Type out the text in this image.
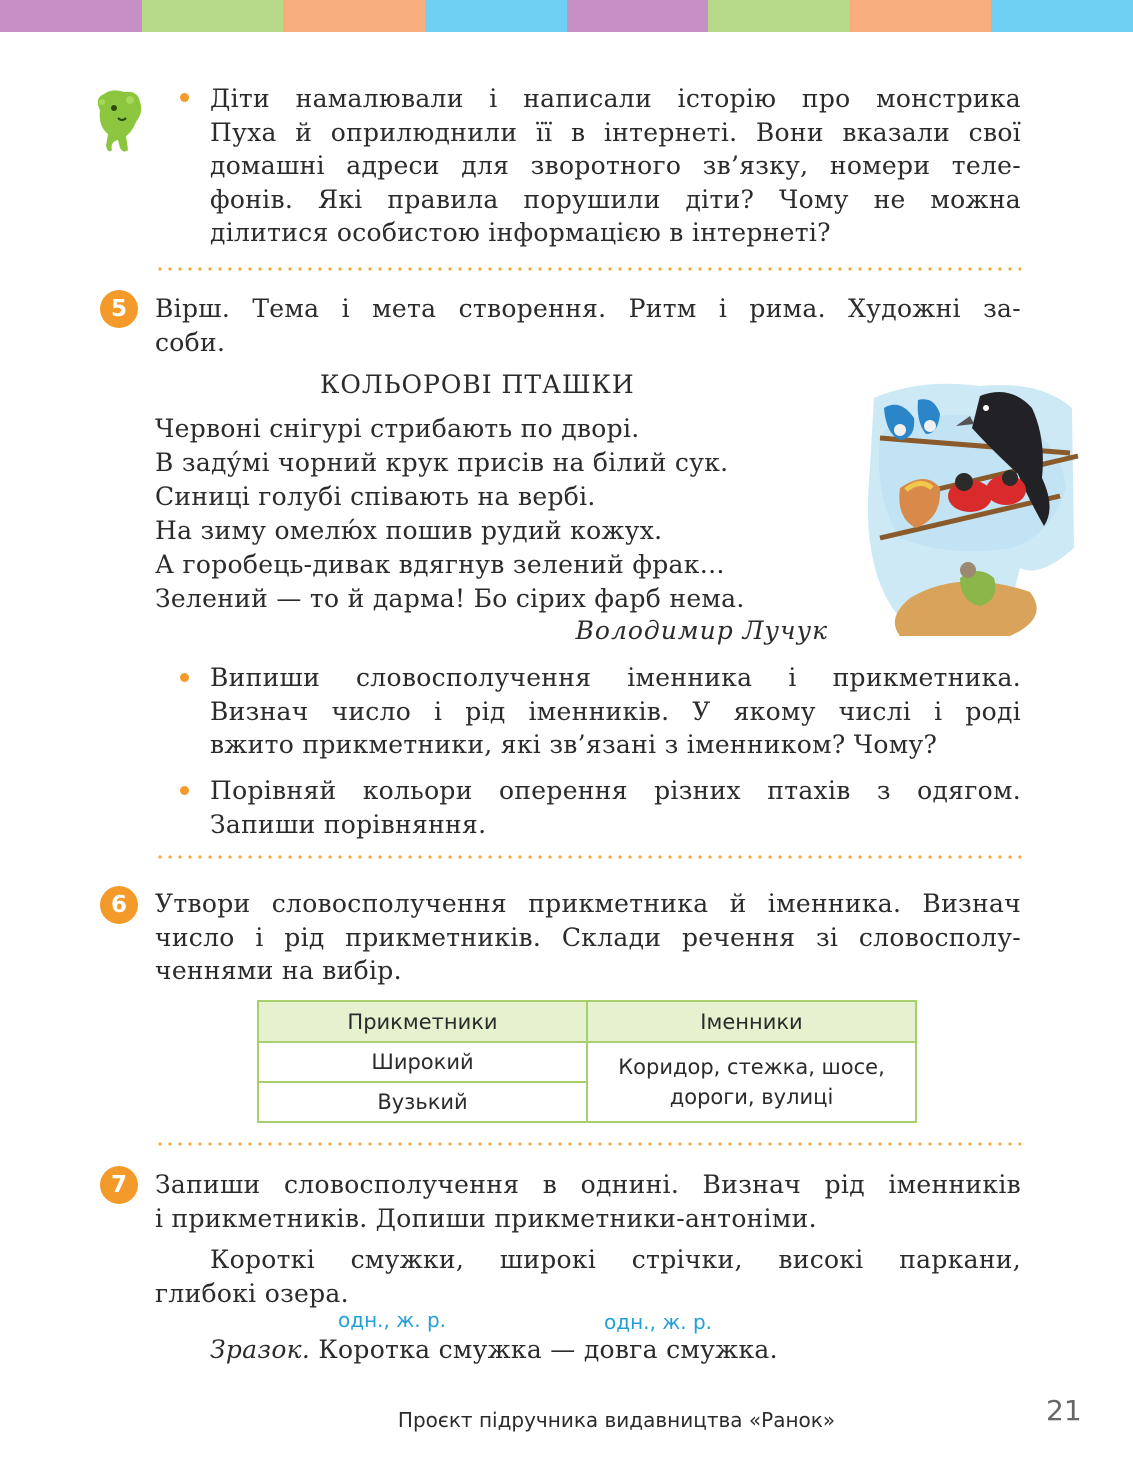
Діти намалювали і написали історію про монстрика
Пуха й оприлюднили її в інтернеті. Вони вказали свої
домашні адреси для зворотного зв’язку, номери теле-
фонів. Які правила порушили діти? Чому не можна
ділитися особистою інформацією в інтернеті?
5	Вірш. Тема і мета створення. Ритм і рима. Художні за-
соби.
КОЛЬОРОВІ ПТАШКИ
Червоні снігурі стрибають по дворі.
В заду́мі чорний крук присів на білий сук.
Синиці голубі співають на вербі.
На зиму омелю́х пошив рудий кожух.
А горобець-дивак вдягнув зелений фрак…
Зелений — то й дарма! Бо сірих фарб нема.
Володимир Лучук
Випиши словосполучення іменника і прикметника.
Визнач число і рід іменників. У якому числі і роді
вжито прикметники, які зв’язані з іменником? Чому?
Порівняй кольори оперення різних птахів з одягом.
Запиши порівняння.
6	Утвори словосполучення прикметника й іменника. Визнач
число і рід прикметників. Склади речення зі словосполу-
ченнями на вибір.
Прикметники	Іменники
Широкий	Коридор, стежка, шосе,
дороги, вулиці
Вузький	
7	Запиши словосполучення в однині. Визнач рід іменників
і прикметників. Допиши прикметники-антоніми.
Короткі смужки, широкі стрічки, високі паркани,
глибокі озера.
одн., ж. р.	одн., ж. р.
Зразок. Коротка смужка — довга смужка.
Проєкт підручника видавництва «Ранок»	21
